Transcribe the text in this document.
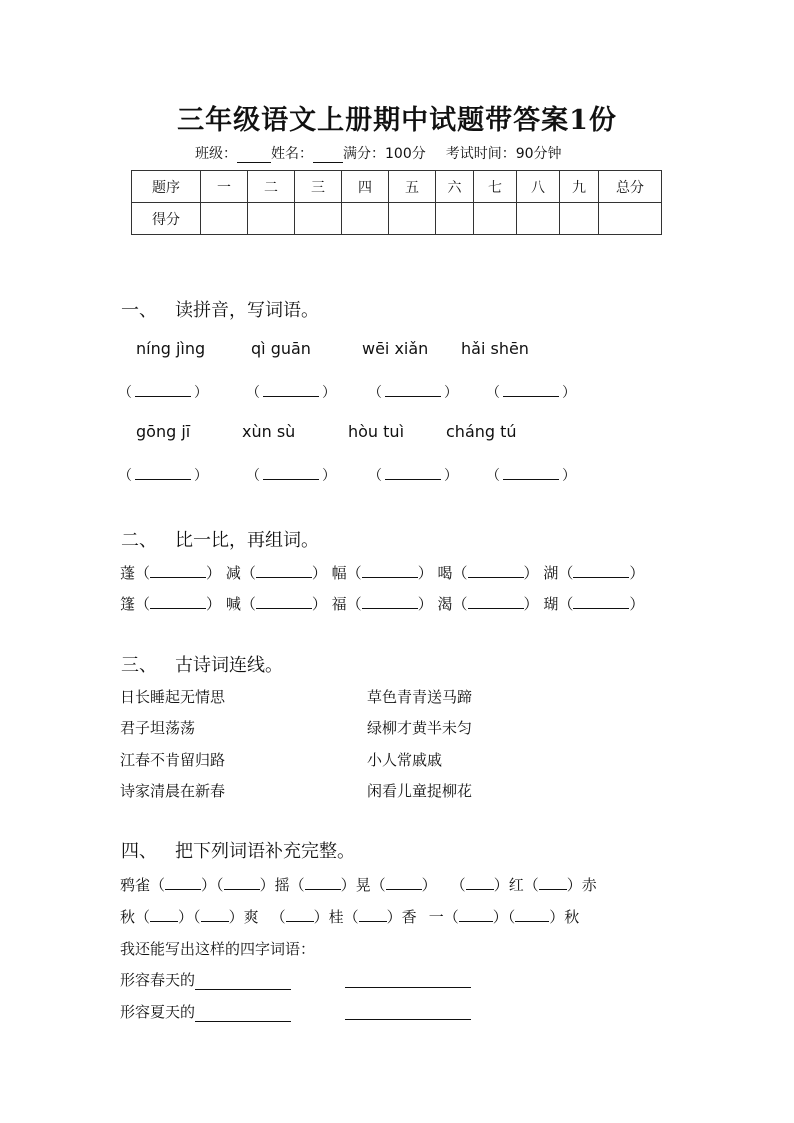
三年级语文上册期中试题带答案1份
班级： 姓名： 满分：100分 考试时间：90分钟
题序	一	二	三	四	五	六	七	八	九	总分
得分										
一、 读拼音，写词语。
níng jìng	qì guān	wēi xiǎn hǎi shēn
（	）	（	） （	） （	）
gōng jī	xùn sù	hòu tuì	cháng tú
（	）	（	） （	） （	）
二、 比一比，再组词。
蓬（	） 减（	） 幅（	） 喝（	） 湖（	）
篷（	） 喊（	） 福（	） 渴（	） 瑚（	）
三、 古诗词连线。
日长睡起无情思
君子坦荡荡
江春不肯留归路
诗家清晨在新春
草色青青送马蹄
绿柳才黄半未匀
小人常戚戚
闲看儿童捉柳花
四、 把下列词语补充完整。
鸦雀（ ）（ ）摇（ ）晃（ ） （ ）红（ ）赤
秋（ ）（ ）爽 （ ）桂（ ）香 一（ ）（ ）秋
我还能写出这样的四字词语：
形容春天的
形容夏天的
